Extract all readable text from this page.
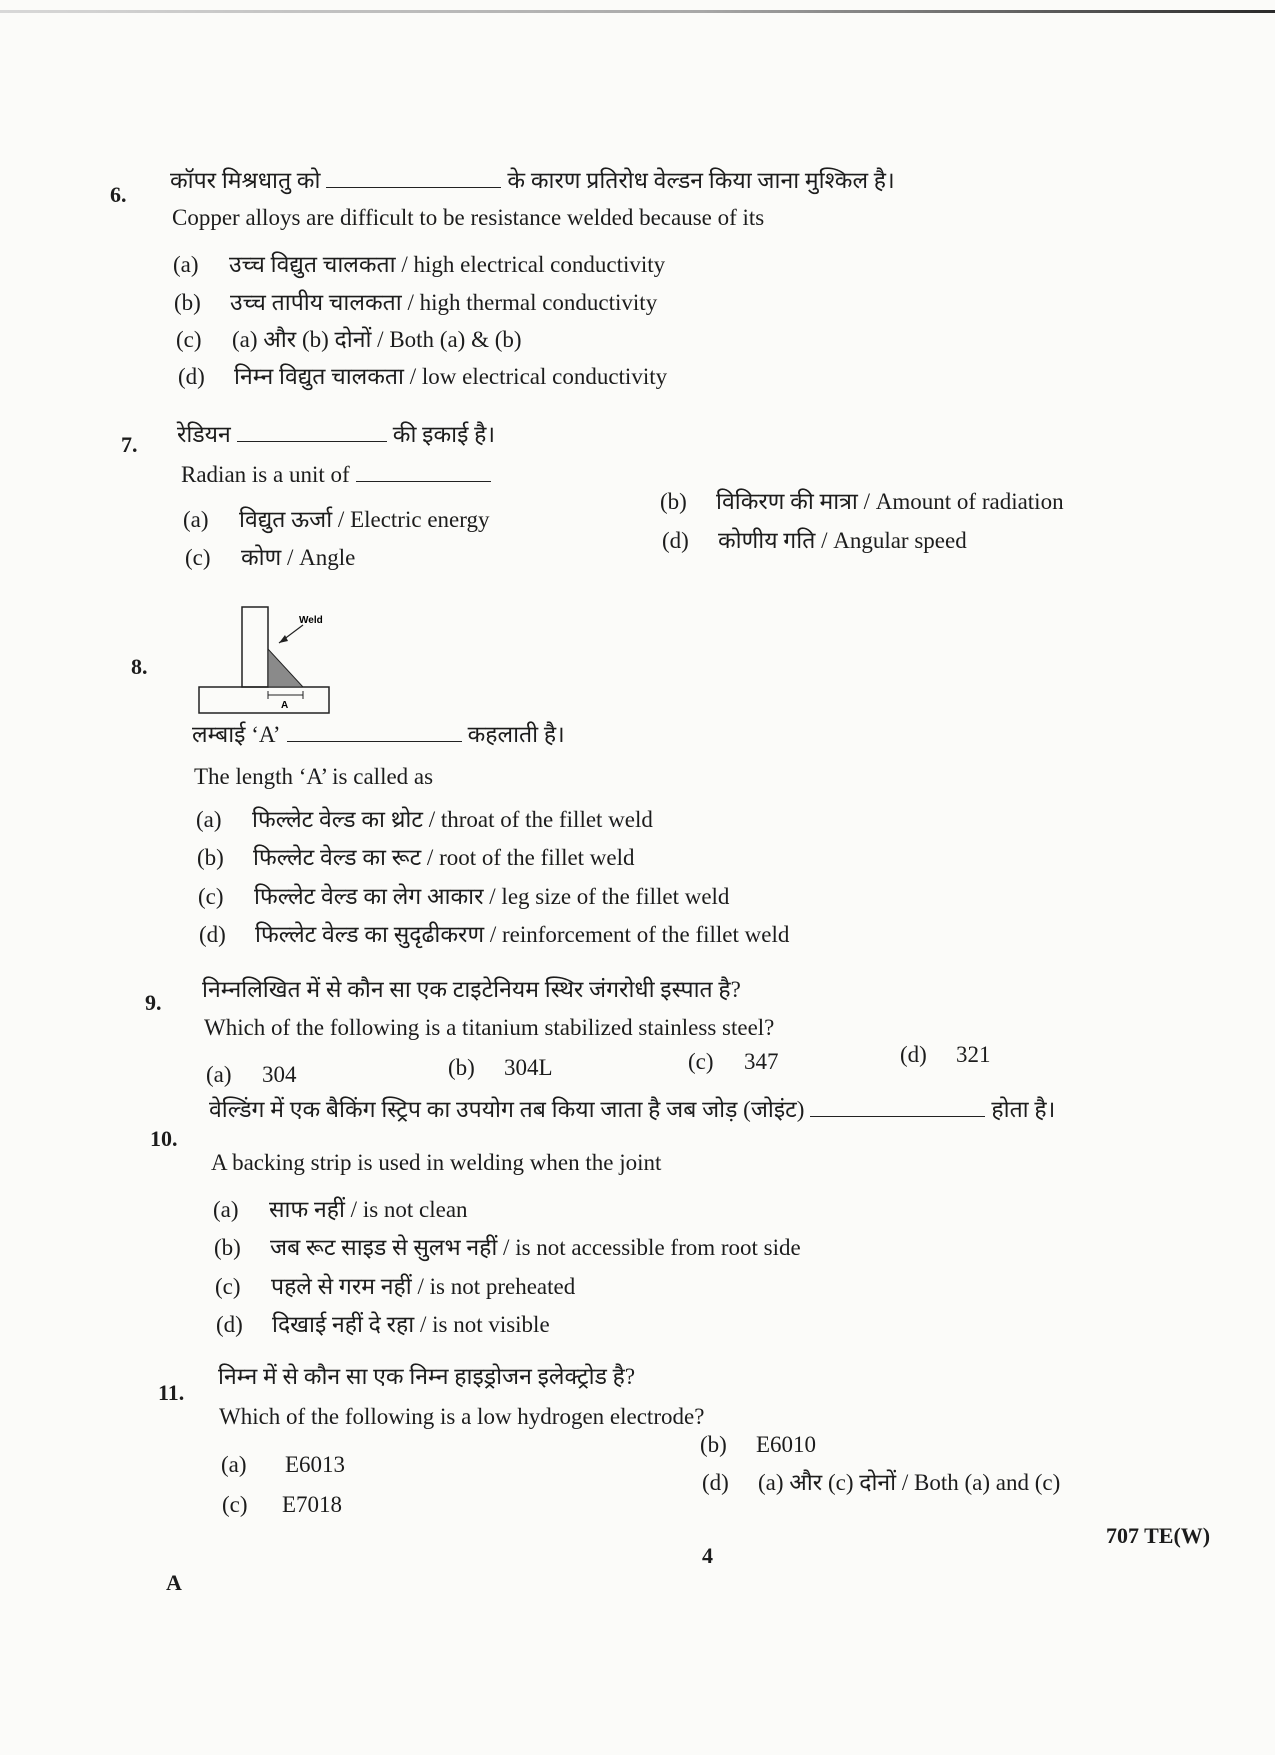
6.
कॉपर मिश्रधातु को	के कारण प्रतिरोध वेल्डन किया जाना मुश्किल है।
Copper alloys are difficult to be resistance welded because of its
(a) उच्च विद्युत चालकता / high electrical conductivity
(b) उच्च तापीय चालकता / high thermal conductivity
(c) (a) और (b) दोनों / Both (a) & (b)
(d) निम्न विद्युत चालकता / low electrical conductivity
7. रेडियन	की इकाई है।
Radian is a unit of
(a) विद्युत ऊर्जा / Electric energy
(b) विकिरण की मात्रा / Amount of radiation
(c) कोण / Angle
(d) कोणीय गति / Angular speed
8.
Weld
A
लम्बाई ‘A’	कहलाती है।
The length ‘A’ is called as
(a) फिल्लेट वेल्ड का थ्रोट / throat of the fillet weld
(b) फिल्लेट वेल्ड का रूट / root of the fillet weld
(c) फिल्लेट वेल्ड का लेग आकार / leg size of the fillet weld
(d) फिल्लेट वेल्ड का सुदृढीकरण / reinforcement of the fillet weld
9.
निम्नलिखित में से कौन सा एक टाइटेनियम स्थिर जंगरोधी इस्पात है?
Which of the following is a titanium stabilized stainless steel?
(a) 304	(b) 304L	(c) 347	(d) 321
10.
वेल्डिंग में एक बैकिंग स्ट्रिप का उपयोग तब किया जाता है जब जोड़ (जोइंट)	होता है।
A backing strip is used in welding when the joint
(a) साफ नहीं / is not clean
(b) जब रूट साइड से सुलभ नहीं / is not accessible from root side
(c) पहले से गरम नहीं / is not preheated
(d) दिखाई नहीं दे रहा / is not visible
11.
निम्न में से कौन सा एक निम्न हाइड्रोजन इलेक्ट्रोड है?
Which of the following is a low hydrogen electrode?
(a) E6013
(b) E6010
(c) E7018
(d) (a) और (c) दोनों / Both (a) and (c)
4
707 TE(W)
A
